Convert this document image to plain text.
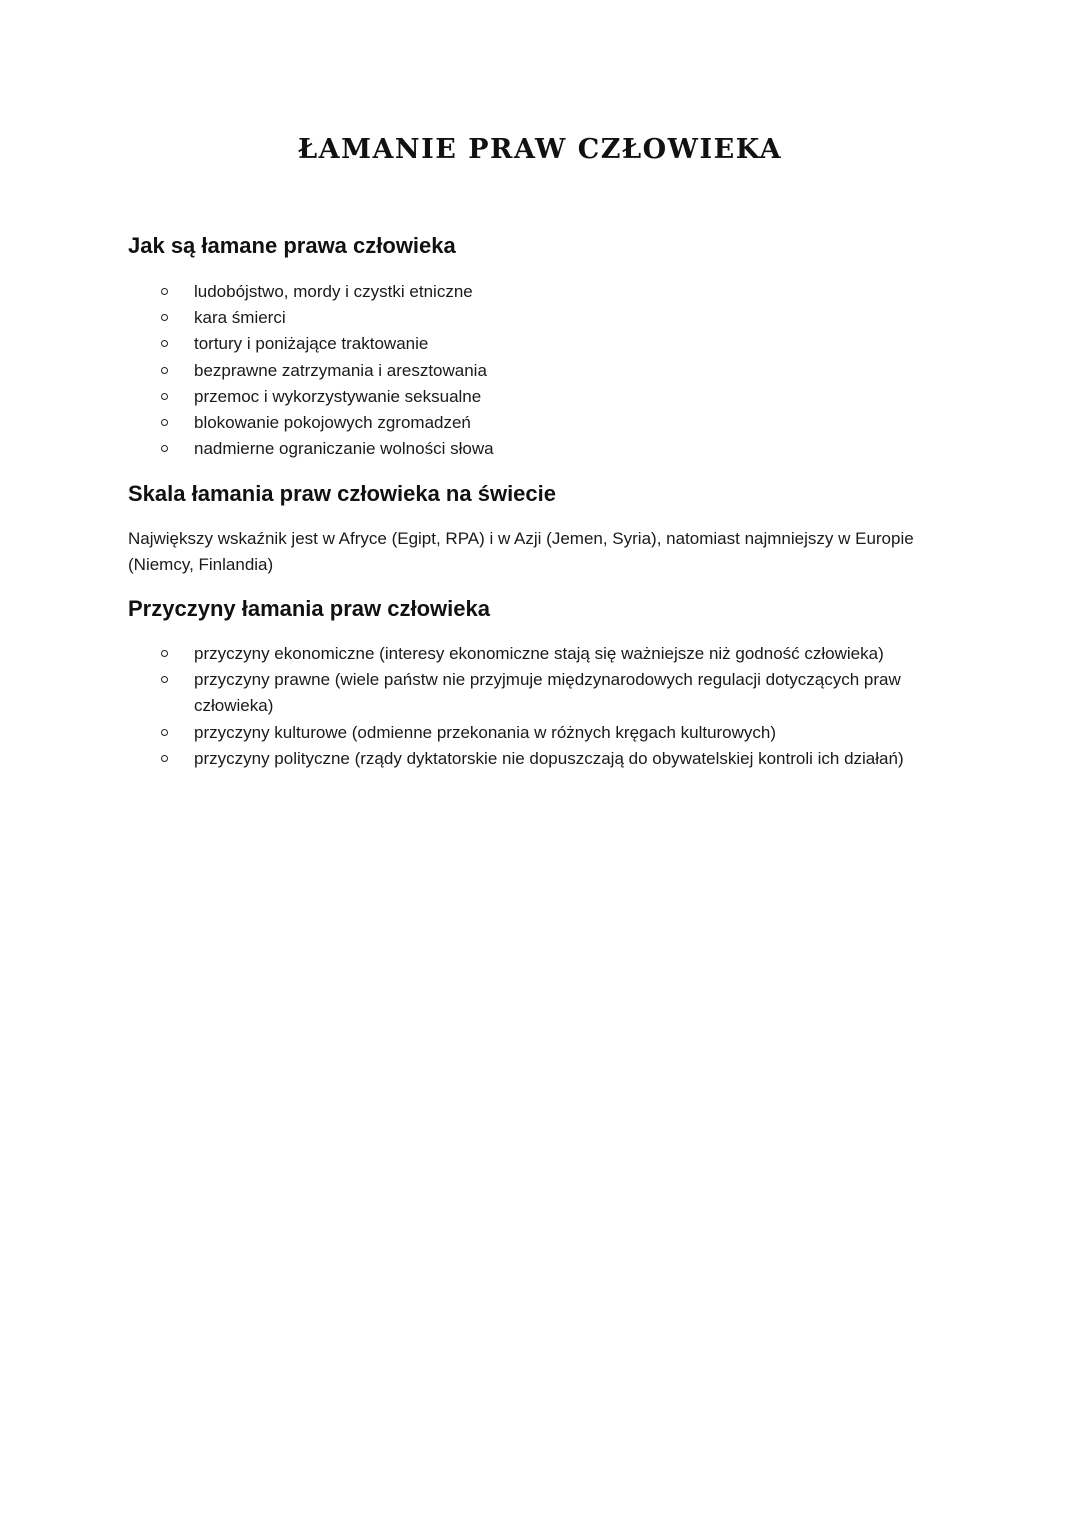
ŁAMANIE PRAW CZŁOWIEKA
Jak są łamane prawa człowieka
ludobójstwo, mordy i czystki etniczne
kara śmierci
tortury i poniżające traktowanie
bezprawne zatrzymania i aresztowania
przemoc i wykorzystywanie seksualne
blokowanie pokojowych zgromadzeń
nadmierne ograniczanie wolności słowa
Skala łamania praw człowieka na świecie

Największy wskaźnik jest w Afryce (Egipt, RPA) i w Azji (Jemen, Syria), natomiast najmniejszy w Europie (Niemcy, Finlandia)

Przyczyny łamania praw człowieka
przyczyny ekonomiczne (interesy ekonomiczne stają się ważniejsze niż godność człowieka)
przyczyny prawne (wiele państw nie przyjmuje międzynarodowych regulacji dotyczących praw człowieka)
przyczyny kulturowe (odmienne przekonania w różnych kręgach kulturowych)
przyczyny polityczne (rządy dyktatorskie nie dopuszczają do obywatelskiej kontroli ich działań)
